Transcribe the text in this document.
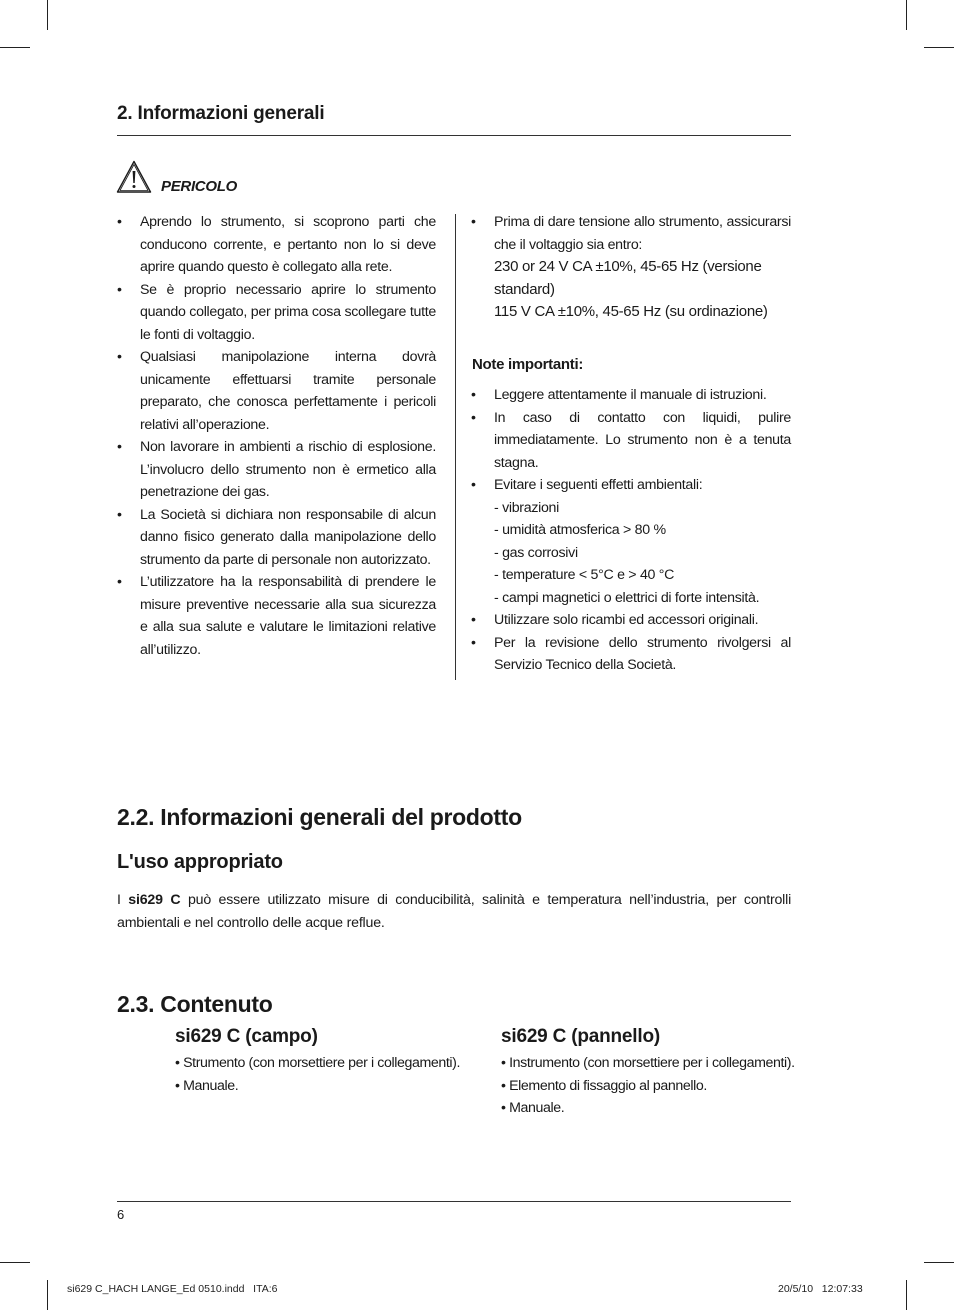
2. Informazioni generali
PERICOLO
• Aprendo lo strumento, si scoprono parti che conducono corrente, e pertanto non lo si deve aprire quando questo è collegato alla rete.
• Se è proprio necessario aprire lo strumento quando collegato, per prima cosa scollegare tutte le fonti di voltaggio.
• Qualsiasi manipolazione interna dovrà unicamente effettuarsi tramite personale preparato, che conosca perfettamente i pericoli relativi all’operazione.
• Non lavorare in ambienti a rischio di esplosione. L’involucro dello strumento non è ermetico alla penetrazione dei gas.
• La Società si dichiara non responsabile di alcun danno fisico generato dalla manipolazione dello strumento da parte di personale non autorizzato.
• L’utilizzatore ha la responsabilità di prendere le misure preventive necessarie alla sua sicurezza e alla sua salute e valutare le limitazioni relative all’utilizzo.
• Prima di dare tensione allo strumento, assicurarsi che il voltaggio sia entro:
230 or 24 V CA ±10%, 45-65 Hz (versione standard)
115 V CA ±10%, 45-65 Hz (su ordinazione)
Note importanti:
• Leggere attentamente il manuale di istruzioni.
• In caso di contatto con liquidi, pulire immediatamente. Lo strumento non è a tenuta stagna.
• Evitare i seguenti effetti ambientali:
- vibrazioni
- umidità atmosferica > 80 %
- gas corrosivi
- temperature < 5°C e > 40 °C
- campi magnetici o elettrici di forte intensità.
• Utilizzare solo ricambi ed accessori originali.
• Per la revisione dello strumento rivolgersi al Servizio Tecnico della Società.
2.2. Informazioni generali del prodotto
L'uso appropriato
I si629 C può essere utilizzato misure di conducibilità, salinità e temperatura nell’industria, per controlli ambientali e nel controllo delle acque reflue.
2.3. Contenuto
si629 C (campo)
• Strumento (con morsettiere per i collegamenti).
• Manuale.
si629 C (pannello)
• Instrumento (con morsettiere per i collegamenti).
• Elemento di fissaggio al pannello.
• Manuale.
6
si629 C_HACH LANGE_Ed 0510.indd   ITA:6	20/5/10   12:07:33
